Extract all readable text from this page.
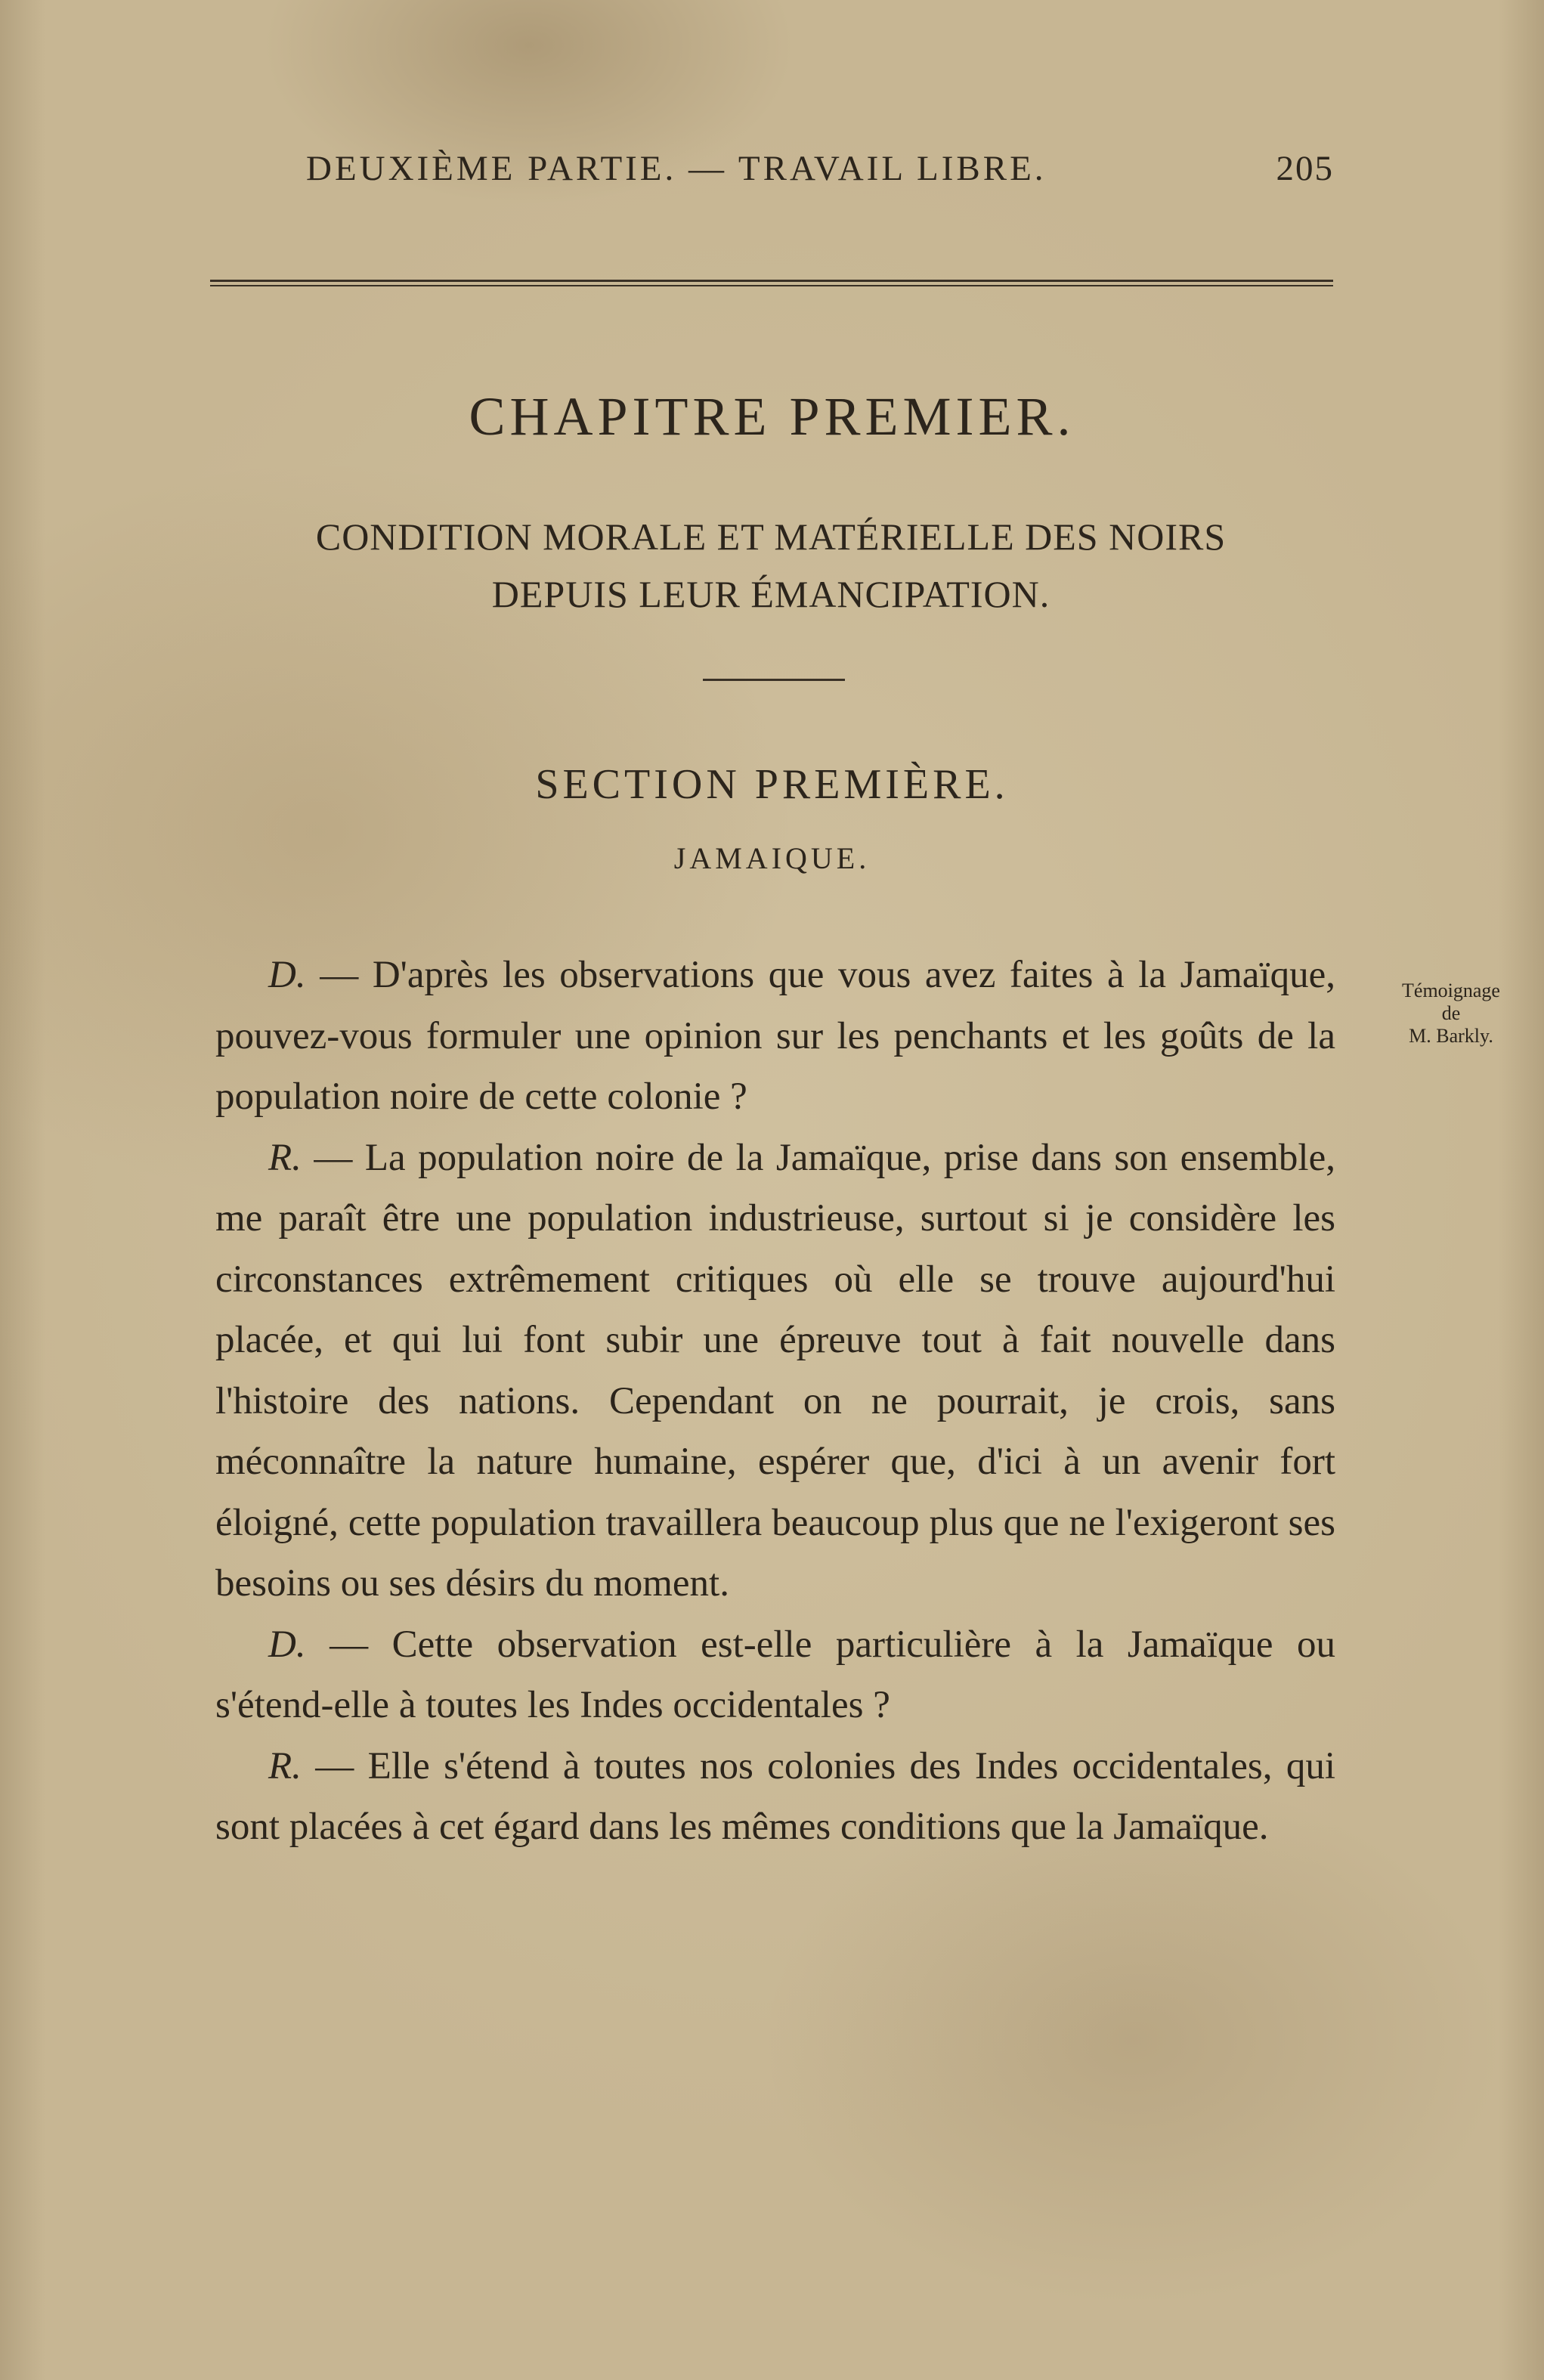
DEUXIÈME PARTIE. — TRAVAIL LIBRE.	205
CHAPITRE PREMIER.
CONDITION MORALE ET MATÉRIELLE DES NOIRS
DEPUIS LEUR ÉMANCIPATION.
SECTION PREMIÈRE.
JAMAIQUE.
Témoignage
de
M. Barkly.

D. — D'après les observations que vous avez faites à la Jamaïque, pouvez-vous formuler une opinion sur les penchants et les goûts de la population noire de cette colonie ?

R. — La population noire de la Jamaïque, prise dans son ensemble, me paraît être une population industrieuse, surtout si je considère les circonstances extrêmement critiques où elle se trouve aujourd'hui placée, et qui lui font subir une épreuve tout à fait nouvelle dans l'histoire des nations. Cependant on ne pourrait, je crois, sans méconnaître la nature humaine, espérer que, d'ici à un avenir fort éloigné, cette population travaillera beaucoup plus que ne l'exigeront ses besoins ou ses désirs du moment.

D. — Cette observation est-elle particulière à la Jamaïque ou s'étend-elle à toutes les Indes occidentales ?

R. — Elle s'étend à toutes nos colonies des Indes occidentales, qui sont placées à cet égard dans les mêmes conditions que la Jamaïque.
